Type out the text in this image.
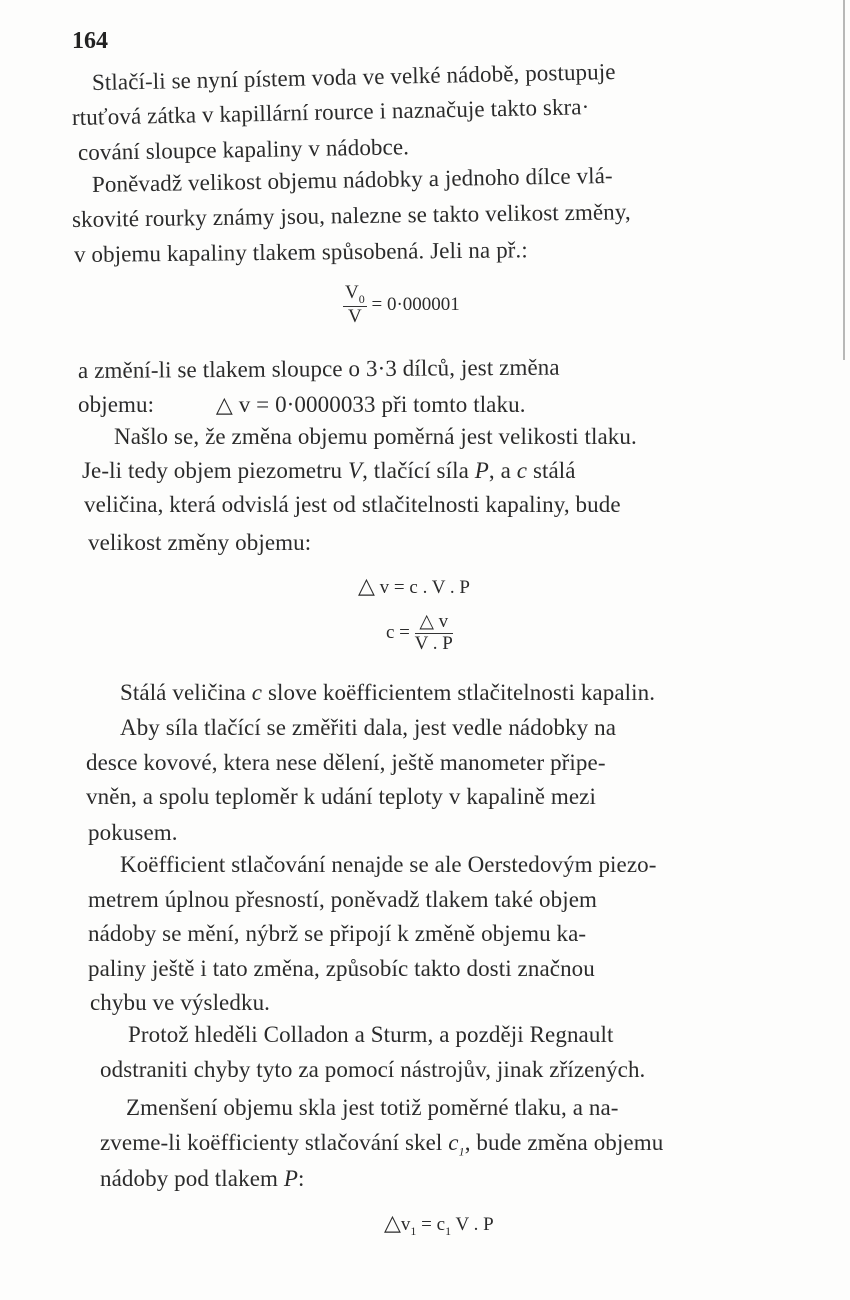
164
Stlačí-li se nyní pístem voda ve velké nádobě, postupuje
rtuťová zátka v kapillární rource i naznačuje takto skra·
cování sloupce kapaliny v nádobce.
Poněvadž velikost objemu nádobky a jednoho dílce vlá-
skovité rourky známy jsou, nalezne se takto velikost změny,
v objemu kapaliny tlakem spůsobená. Jeli na př.:
$\frac{V_0}{V} = 0\cdot 000001$
a změní-li se tlakem sloupce o 3·3 dílců, jest změna
objemu:	△ v = 0·0000033 při tomto tlaku.
Našlo se, že změna objemu poměrná jest velikosti tlaku.
Je-li tedy objem piezometru V, tlačící síla P, a c stálá
veličina, která odvislá jest od stlačitelnosti kapaliny, bude
velikost změny objemu:
△ v = c . V . P
$c = \frac{\triangle v}{V . P}$
Stálá veličina c slove koëfficientem stlačitelnosti kapalin.
Aby síla tlačící se změřiti dala, jest vedle nádobky na
desce kovové, ktera nese dělení, ještě manometer připe-
vněn, a spolu teploměr k udání teploty v kapalině mezi
pokusem.
Koëfficient stlačování nenajde se ale Oerstedovým piezo-
metrem úplnou přesností, poněvadž tlakem také objem
nádoby se mění, nýbrž se připojí k změně objemu ka-
paliny ještě i tato změna, způsobíc takto dosti značnou
chybu ve výsledku.
Protož hleděli Colladon a Sturm, a později Regnault
odstraniti chyby tyto za pomocí nástrojův, jinak zřízených.
Zmenšení objemu skla jest totiž poměrné tlaku, a na-
zveme-li koëfficienty stlačování skel $c_1$, bude změna objemu
nádoby pod tlakem P:
$\triangle v_1 = c_1$ V . P
